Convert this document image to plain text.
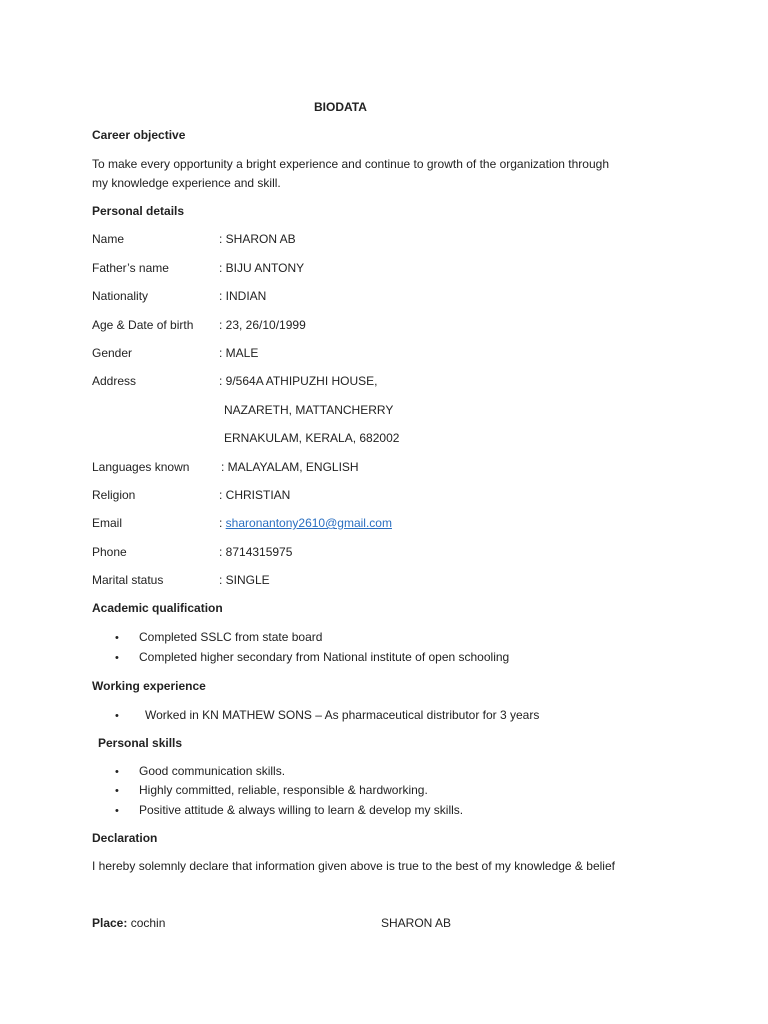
BIODATA
Career objective
To make every opportunity a bright experience and continue to growth of the organization through
my knowledge experience and skill.
Personal details
Name	: SHARON AB
Father’s name	: BIJU ANTONY
Nationality	: INDIAN
Age & Date of birth : 23, 26/10/1999
Gender	: MALE
Address	: 9/564A ATHIPUZHI HOUSE,
NAZARETH, MATTANCHERRY
ERNAKULAM, KERALA, 682002
Languages known	: MALAYALAM, ENGLISH
Religion	: CHRISTIAN
Email	: sharonantony2610@gmail.com
Phone	: 8714315975
Marital status	: SINGLE
Academic qualification
• Completed SSLC from state board
• Completed higher secondary from National institute of open schooling
Working experience
• Worked in KN MATHEW SONS – As pharmaceutical distributor for 3 years
Personal skills
• Good communication skills.
• Highly committed, reliable, responsible & hardworking.
• Positive attitude & always willing to learn & develop my skills.
Declaration
I hereby solemnly declare that information given above is true to the best of my knowledge & belief
Place: cochin	SHARON AB
